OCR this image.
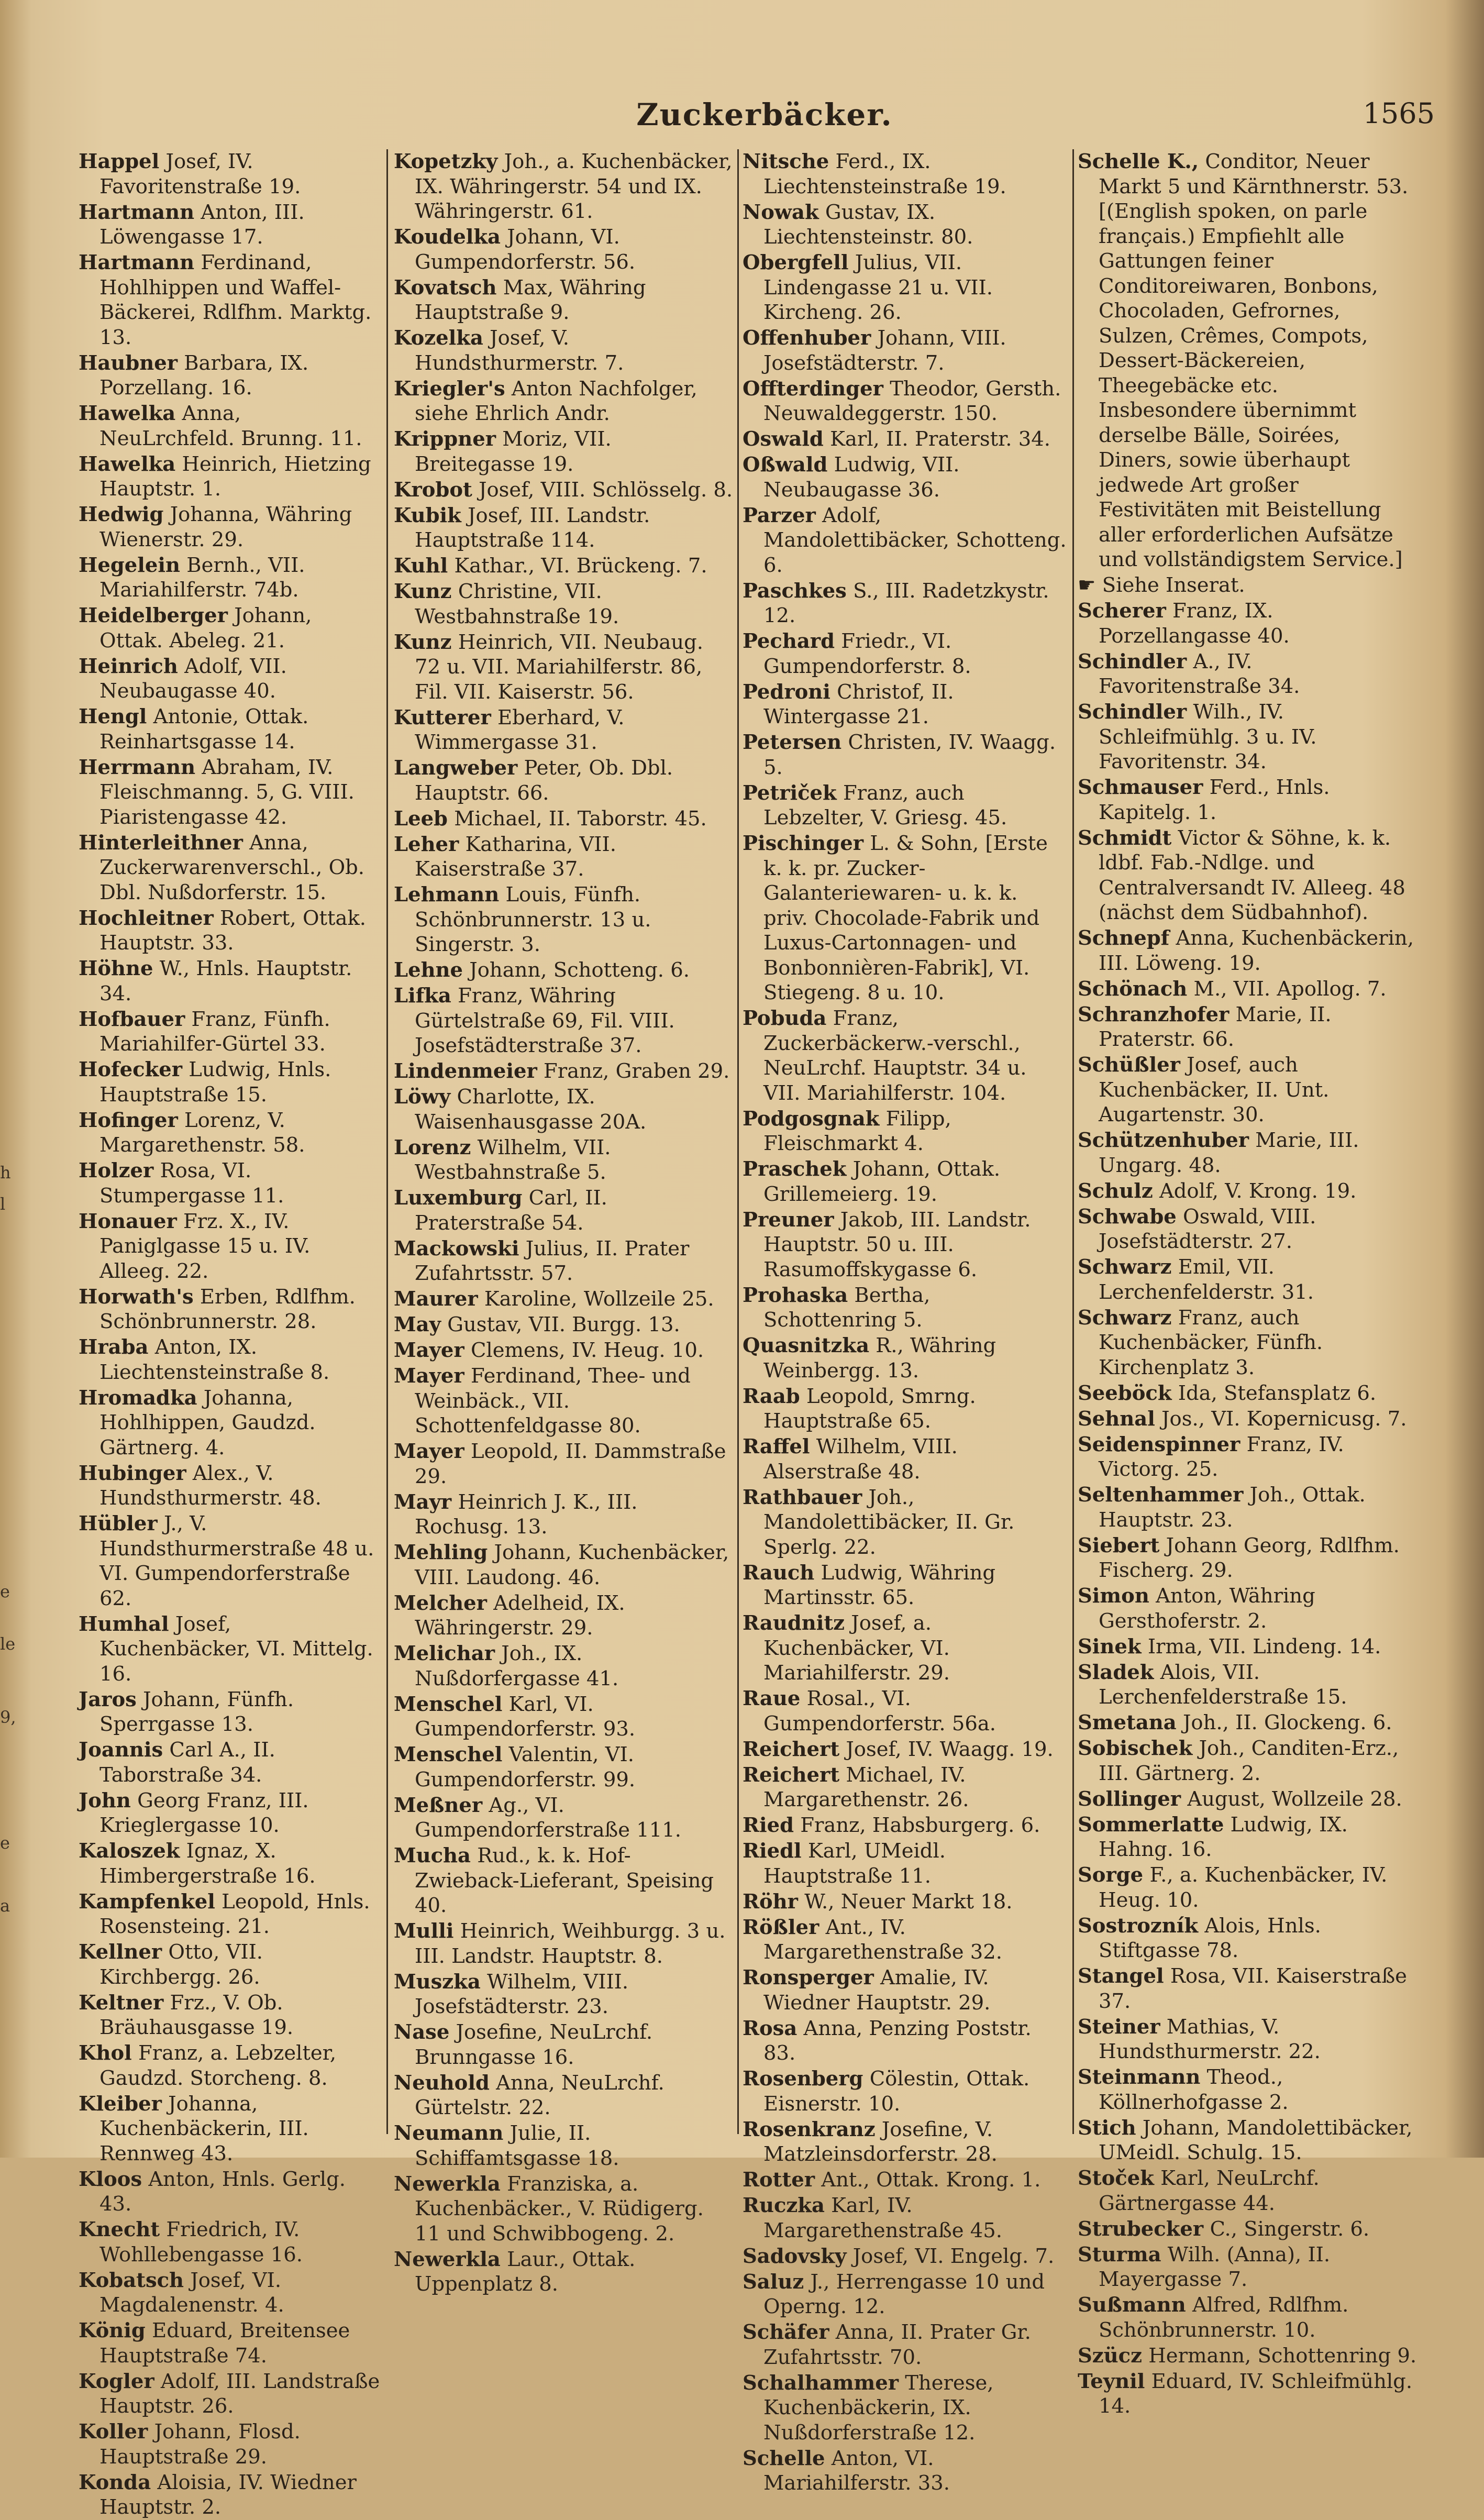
Zuckerbäcker.	1565
h
l
e
le
9,
e
a

Happel Josef, IV. Favoritenstraße 19.

Hartmann Anton, III. Löwengasse 17.

Hartmann Ferdinand, Hohlhippen und Waffel-Bäckerei, Rdlfhm. Marktg. 13.

Haubner Barbara, IX. Porzellang. 16.

Hawelka Anna, NeuLrchfeld. Brunng. 11.

Hawelka Heinrich, Hietzing Hauptstr. 1.

Hedwig Johanna, Währing Wienerstr. 29.

Hegelein Bernh., VII. Mariahilferstr. 74b.

Heidelberger Johann, Ottak. Abeleg. 21.

Heinrich Adolf, VII. Neubaugasse 40.

Hengl Antonie, Ottak. Reinhartsgasse 14.

Herrmann Abraham, IV. Fleischmanng. 5, G. VIII. Piaristengasse 42.

Hinterleithner Anna, Zuckerwarenverschl., Ob. Dbl. Nußdorferstr. 15.

Hochleitner Robert, Ottak. Hauptstr. 33.

Höhne W., Hnls. Hauptstr. 34.

Hofbauer Franz, Fünfh. Mariahilfer-Gürtel 33.

Hofecker Ludwig, Hnls. Hauptstraße 15.

Hofinger Lorenz, V. Margarethenstr. 58.

Holzer Rosa, VI. Stumpergasse 11.

Honauer Frz. X., IV. Paniglgasse 15 u. IV. Alleeg. 22.

Horwath's Erben, Rdlfhm. Schönbrunnerstr. 28.

Hraba Anton, IX. Liechtensteinstraße 8.

Hromadka Johanna, Hohlhippen, Gaudzd. Gärtnerg. 4.

Hubinger Alex., V. Hundsthurmerstr. 48.

Hübler J., V. Hundsthurmerstraße 48 u. VI. Gumpendorferstraße 62.

Humhal Josef, Kuchenbäcker, VI. Mittelg. 16.

Jaros Johann, Fünfh. Sperrgasse 13.

Joannis Carl A., II. Taborstraße 34.

John Georg Franz, III. Krieglergasse 10.

Kaloszek Ignaz, X. Himbergerstraße 16.

Kampfenkel Leopold, Hnls. Rosensteing. 21.

Kellner Otto, VII. Kirchbergg. 26.

Keltner Frz., V. Ob. Bräuhausgasse 19.

Khol Franz, a. Lebzelter, Gaudzd. Storcheng. 8.

Kleiber Johanna, Kuchenbäckerin, III. Rennweg 43.

Kloos Anton, Hnls. Gerlg. 43.

Knecht Friedrich, IV. Wohllebengasse 16.

Kobatsch Josef, VI. Magdalenenstr. 4.

König Eduard, Breitensee Hauptstraße 74.

Kogler Adolf, III. Landstraße Hauptstr. 26.

Koller Johann, Flosd. Hauptstraße 29.

Konda Aloisia, IV. Wiedner Hauptstr. 2.

Kopetzky Joh., a. Kuchenbäcker, IX. Währingerstr. 54 und IX. Währingerstr. 61.

Koudelka Johann, VI. Gumpendorferstr. 56.

Kovatsch Max, Währing Hauptstraße 9.

Kozelka Josef, V. Hundsthurmerstr. 7.

Kriegler's Anton Nachfolger, siehe Ehrlich Andr.

Krippner Moriz, VII. Breitegasse 19.

Krobot Josef, VIII. Schlösselg. 8.

Kubik Josef, III. Landstr. Hauptstraße 114.

Kuhl Kathar., VI. Brückeng. 7.

Kunz Christine, VII. Westbahnstraße 19.

Kunz Heinrich, VII. Neubaug. 72 u. VII. Mariahilferstr. 86, Fil. VII. Kaiserstr. 56.

Kutterer Eberhard, V. Wimmergasse 31.

Langweber Peter, Ob. Dbl. Hauptstr. 66.

Leeb Michael, II. Taborstr. 45.

Leher Katharina, VII. Kaiserstraße 37.

Lehmann Louis, Fünfh. Schönbrunnerstr. 13 u. Singerstr. 3.

Lehne Johann, Schotteng. 6.

Lifka Franz, Währing Gürtelstraße 69, Fil. VIII. Josefstädterstraße 37.

Lindenmeier Franz, Graben 29.

Löwy Charlotte, IX. Waisenhausgasse 20A.

Lorenz Wilhelm, VII. Westbahnstraße 5.

Luxemburg Carl, II. Praterstraße 54.

Mackowski Julius, II. Prater Zufahrtsstr. 57.

Maurer Karoline, Wollzeile 25.

May Gustav, VII. Burgg. 13.

Mayer Clemens, IV. Heug. 10.

Mayer Ferdinand, Thee- und Weinbäck., VII. Schottenfeldgasse 80.

Mayer Leopold, II. Dammstraße 29.

Mayr Heinrich J. K., III. Rochusg. 13.

Mehling Johann, Kuchenbäcker, VIII. Laudong. 46.

Melcher Adelheid, IX. Währingerstr. 29.

Melichar Joh., IX. Nußdorfergasse 41.

Menschel Karl, VI. Gumpendorferstr. 93.

Menschel Valentin, VI. Gumpendorferstr. 99.

Meßner Ag., VI. Gumpendorferstraße 111.

Mucha Rud., k. k. Hof-Zwieback-Lieferant, Speising 40.

Mulli Heinrich, Weihburgg. 3 u. III. Landstr. Hauptstr. 8.

Muszka Wilhelm, VIII. Josefstädterstr. 23.

Nase Josefine, NeuLrchf. Brunngasse 16.

Neuhold Anna, NeuLrchf. Gürtelstr. 22.

Neumann Julie, II. Schiffamtsgasse 18.

Newerkla Franziska, a. Kuchenbäcker., V. Rüdigerg. 11 und Schwibbogeng. 2.

Newerkla Laur., Ottak. Uppenplatz 8.

Nitsche Ferd., IX. Liechtensteinstraße 19.

Nowak Gustav, IX. Liechtensteinstr. 80.

Obergfell Julius, VII. Lindengasse 21 u. VII. Kircheng. 26.

Offenhuber Johann, VIII. Josefstädterstr. 7.

Offterdinger Theodor, Gersth. Neuwaldeggerstr. 150.

Oswald Karl, II. Praterstr. 34.

Oßwald Ludwig, VII. Neubaugasse 36.

Parzer Adolf, Mandolettibäcker, Schotteng. 6.

Paschkes S., III. Radetzkystr. 12.

Pechard Friedr., VI. Gumpendorferstr. 8.

Pedroni Christof, II. Wintergasse 21.

Petersen Christen, IV. Waagg. 5.

Petriček Franz, auch Lebzelter, V. Griesg. 45.

Pischinger L. & Sohn, [Erste k. k. pr. Zucker-Galanteriewaren- u. k. k. priv. Chocolade-Fabrik und Luxus-Cartonnagen- und Bonbonnièren-Fabrik], VI. Stiegeng. 8 u. 10.

Pobuda Franz, Zuckerbäckerw.-verschl., NeuLrchf. Hauptstr. 34 u. VII. Mariahilferstr. 104.

Podgosgnak Filipp, Fleischmarkt 4.

Praschek Johann, Ottak. Grillemeierg. 19.

Preuner Jakob, III. Landstr. Hauptstr. 50 u. III. Rasumoffskygasse 6.

Prohaska Bertha, Schottenring 5.

Quasnitzka R., Währing Weinbergg. 13.

Raab Leopold, Smrng. Hauptstraße 65.

Raffel Wilhelm, VIII. Alserstraße 48.

Rathbauer Joh., Mandolettibäcker, II. Gr. Sperlg. 22.

Rauch Ludwig, Währing Martinsstr. 65.

Raudnitz Josef, a. Kuchenbäcker, VI. Mariahilferstr. 29.

Raue Rosal., VI. Gumpendorferstr. 56a.

Reichert Josef, IV. Waagg. 19.

Reichert Michael, IV. Margarethenstr. 26.

Ried Franz, Habsburgerg. 6.

Riedl Karl, UMeidl. Hauptstraße 11.

Röhr W., Neuer Markt 18.

Rößler Ant., IV. Margarethenstraße 32.

Ronsperger Amalie, IV. Wiedner Hauptstr. 29.

Rosa Anna, Penzing Poststr. 83.

Rosenberg Cölestin, Ottak. Eisnerstr. 10.

Rosenkranz Josefine, V. Matzleinsdorferstr. 28.

Rotter Ant., Ottak. Krong. 1.

Ruczka Karl, IV. Margarethenstraße 45.

Sadovsky Josef, VI. Engelg. 7.

Saluz J., Herrengasse 10 und Operng. 12.

Schäfer Anna, II. Prater Gr. Zufahrtsstr. 70.

Schalhammer Therese, Kuchenbäckerin, IX. Nußdorferstraße 12.

Schelle Anton, VI. Mariahilferstr. 33.

Schelle K., Conditor, Neuer Markt 5 und Kärnthnerstr. 53. [(English spoken, on parle français.) Empfiehlt alle Gattungen feiner Conditoreiwaren, Bonbons, Chocoladen, Gefrornes, Sulzen, Crêmes, Compots, Dessert-Bäckereien, Theegebäcke etc. Insbesondere übernimmt derselbe Bälle, Soirées, Diners, sowie überhaupt jedwede Art großer Festivitäten mit Beistellung aller erforderlichen Aufsätze und vollständigstem Service.]

☛ Siehe Inserat.

Scherer Franz, IX. Porzellangasse 40.

Schindler A., IV. Favoritenstraße 34.

Schindler Wilh., IV. Schleifmühlg. 3 u. IV. Favoritenstr. 34.

Schmauser Ferd., Hnls. Kapitelg. 1.

Schmidt Victor & Söhne, k. k. ldbf. Fab.-Ndlge. und Centralversandt IV. Alleeg. 48 (nächst dem Südbahnhof).

Schnepf Anna, Kuchenbäckerin, III. Löweng. 19.

Schönach M., VII. Apollog. 7.

Schranzhofer Marie, II. Praterstr. 66.

Schüßler Josef, auch Kuchenbäcker, II. Unt. Augartenstr. 30.

Schützenhuber Marie, III. Ungarg. 48.

Schulz Adolf, V. Krong. 19.

Schwabe Oswald, VIII. Josefstädterstr. 27.

Schwarz Emil, VII. Lerchenfelderstr. 31.

Schwarz Franz, auch Kuchenbäcker, Fünfh. Kirchenplatz 3.

Seeböck Ida, Stefansplatz 6.

Sehnal Jos., VI. Kopernicusg. 7.

Seidenspinner Franz, IV. Victorg. 25.

Seltenhammer Joh., Ottak. Hauptstr. 23.

Siebert Johann Georg, Rdlfhm. Fischerg. 29.

Simon Anton, Währing Gersthoferstr. 2.

Sinek Irma, VII. Lindeng. 14.

Sladek Alois, VII. Lerchenfelderstraße 15.

Smetana Joh., II. Glockeng. 6.

Sobischek Joh., Canditen-Erz., III. Gärtnerg. 2.

Sollinger August, Wollzeile 28.

Sommerlatte Ludwig, IX. Hahng. 16.

Sorge F., a. Kuchenbäcker, IV. Heug. 10.

Sostrozník Alois, Hnls. Stiftgasse 78.

Stangel Rosa, VII. Kaiserstraße 37.

Steiner Mathias, V. Hundsthurmerstr. 22.

Steinmann Theod., Köllnerhofgasse 2.

Stich Johann, Mandolettibäcker, UMeidl. Schulg. 15.

Stoček Karl, NeuLrchf. Gärtnergasse 44.

Strubecker C., Singerstr. 6.

Sturma Wilh. (Anna), II. Mayergasse 7.

Sußmann Alfred, Rdlfhm. Schönbrunnerstr. 10.

Szücz Hermann, Schottenring 9.

Teynil Eduard, IV. Schleifmühlg. 14.
